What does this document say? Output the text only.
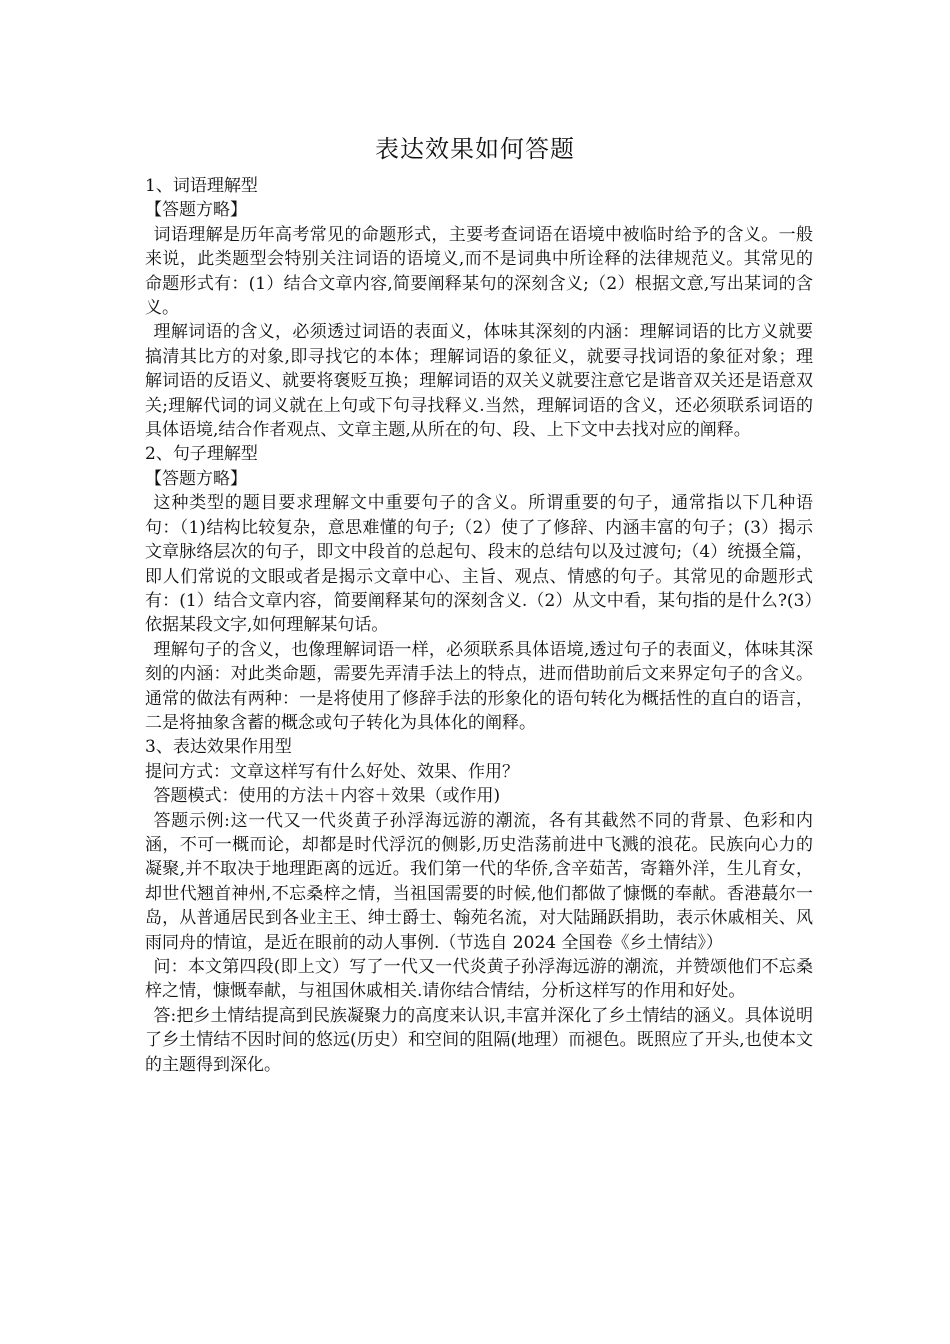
表达效果如何答题

1、词语理解型

【答题方略】

词语理解是历年高考常见的命题形式，主要考查词语在语境中被临时给予的含义。一般来说，此类题型会特别关注词语的语境义,而不是词典中所诠释的法律规范义。其常见的命题形式有：(1）结合文章内容,简要阐释某句的深刻含义;（2）根据文意,写出某词的含义。

理解词语的含义，必须透过词语的表面义，体味其深刻的内涵：理解词语的比方义就要搞清其比方的对象,即寻找它的本体；理解词语的象征义，就要寻找词语的象征对象；理解词语的反语义、就要将褒贬互换；理解词语的双关义就要注意它是谐音双关还是语意双关;理解代词的词义就在上句或下句寻找释义.当然，理解词语的含义，还必须联系词语的具体语境,结合作者观点、文章主题,从所在的句、段、上下文中去找对应的阐释。

2、句子理解型

【答题方略】

这种类型的题目要求理解文中重要句子的含义。所谓重要的句子，通常指以下几种语句：（1)结构比较复杂，意思难懂的句子;（2）使了了修辞、内涵丰富的句子；(3）揭示文章脉络层次的句子，即文中段首的总起句、段末的总结句以及过渡句;（4）统摄全篇，即人们常说的文眼或者是揭示文章中心、主旨、观点、情感的句子。其常见的命题形式有：(1）结合文章内容，简要阐释某句的深刻含义.（2）从文中看，某句指的是什么?(3）依据某段文字,如何理解某句话。

理解句子的含义，也像理解词语一样，必须联系具体语境,透过句子的表面义，体味其深刻的内涵：对此类命题，需要先弄清手法上的特点，进而借助前后文来界定句子的含义。通常的做法有两种：一是将使用了修辞手法的形象化的语句转化为概括性的直白的语言，二是将抽象含蓄的概念或句子转化为具体化的阐释。

3、表达效果作用型

提问方式：文章这样写有什么好处、效果、作用？

答题模式：使用的方法＋内容＋效果（或作用)

答题示例:这一代又一代炎黄子孙浮海远游的潮流，各有其截然不同的背景、色彩和内涵，不可一概而论，却都是时代浮沉的侧影,历史浩荡前进中飞溅的浪花。民族向心力的凝聚,并不取决于地理距离的远近。我们第一代的华侨,含辛茹苦，寄籍外洋，生儿育女，却世代翘首神州,不忘桑梓之情，当祖国需要的时候,他们都做了慷慨的奉献。香港蕞尔一岛，从普通居民到各业主王、绅士爵士、翰苑名流，对大陆踊跃捐助，表示休戚相关、风雨同舟的情谊，是近在眼前的动人事例.（节选自 2024 全国卷《乡土情结》）

问：本文第四段(即上文）写了一代又一代炎黄子孙浮海远游的潮流，并赞颂他们不忘桑梓之情，慷慨奉献，与祖国休戚相关.请你结合情结，分析这样写的作用和好处。

答:把乡土情结提高到民族凝聚力的高度来认识,丰富并深化了乡土情结的涵义。具体说明了乡土情结不因时间的悠远(历史）和空间的阻隔(地理）而褪色。既照应了开头,也使本文的主题得到深化。
